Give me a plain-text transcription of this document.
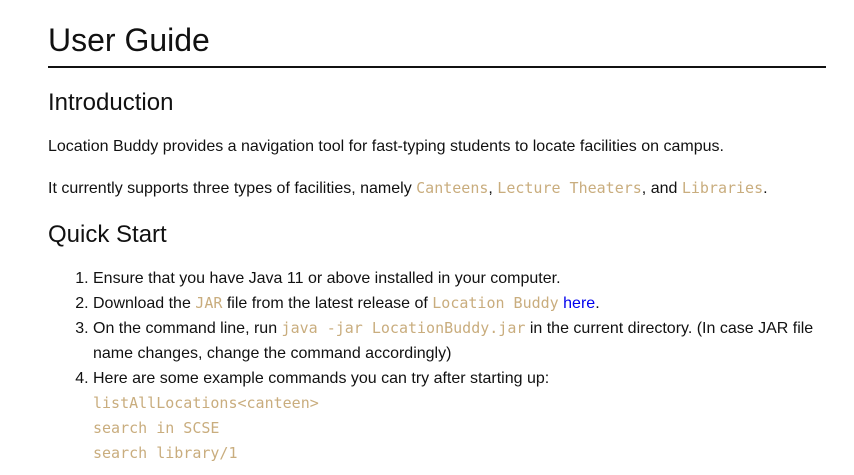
User Guide
Introduction
Location Buddy provides a navigation tool for fast-typing students to locate facilities on campus.
It currently supports three types of facilities, namely Canteens, Lecture Theaters, and Libraries.
Quick Start
1. Ensure that you have Java 11 or above installed in your computer.
2. Download the JAR file from the latest release of Location Buddy here.
3. On the command line, run java -jar LocationBuddy.jar in the current directory. (In case JAR file name changes, change the command accordingly)
4. Here are some example commands you can try after starting up:
listAllLocations<canteen>
search in SCSE
search library/1
